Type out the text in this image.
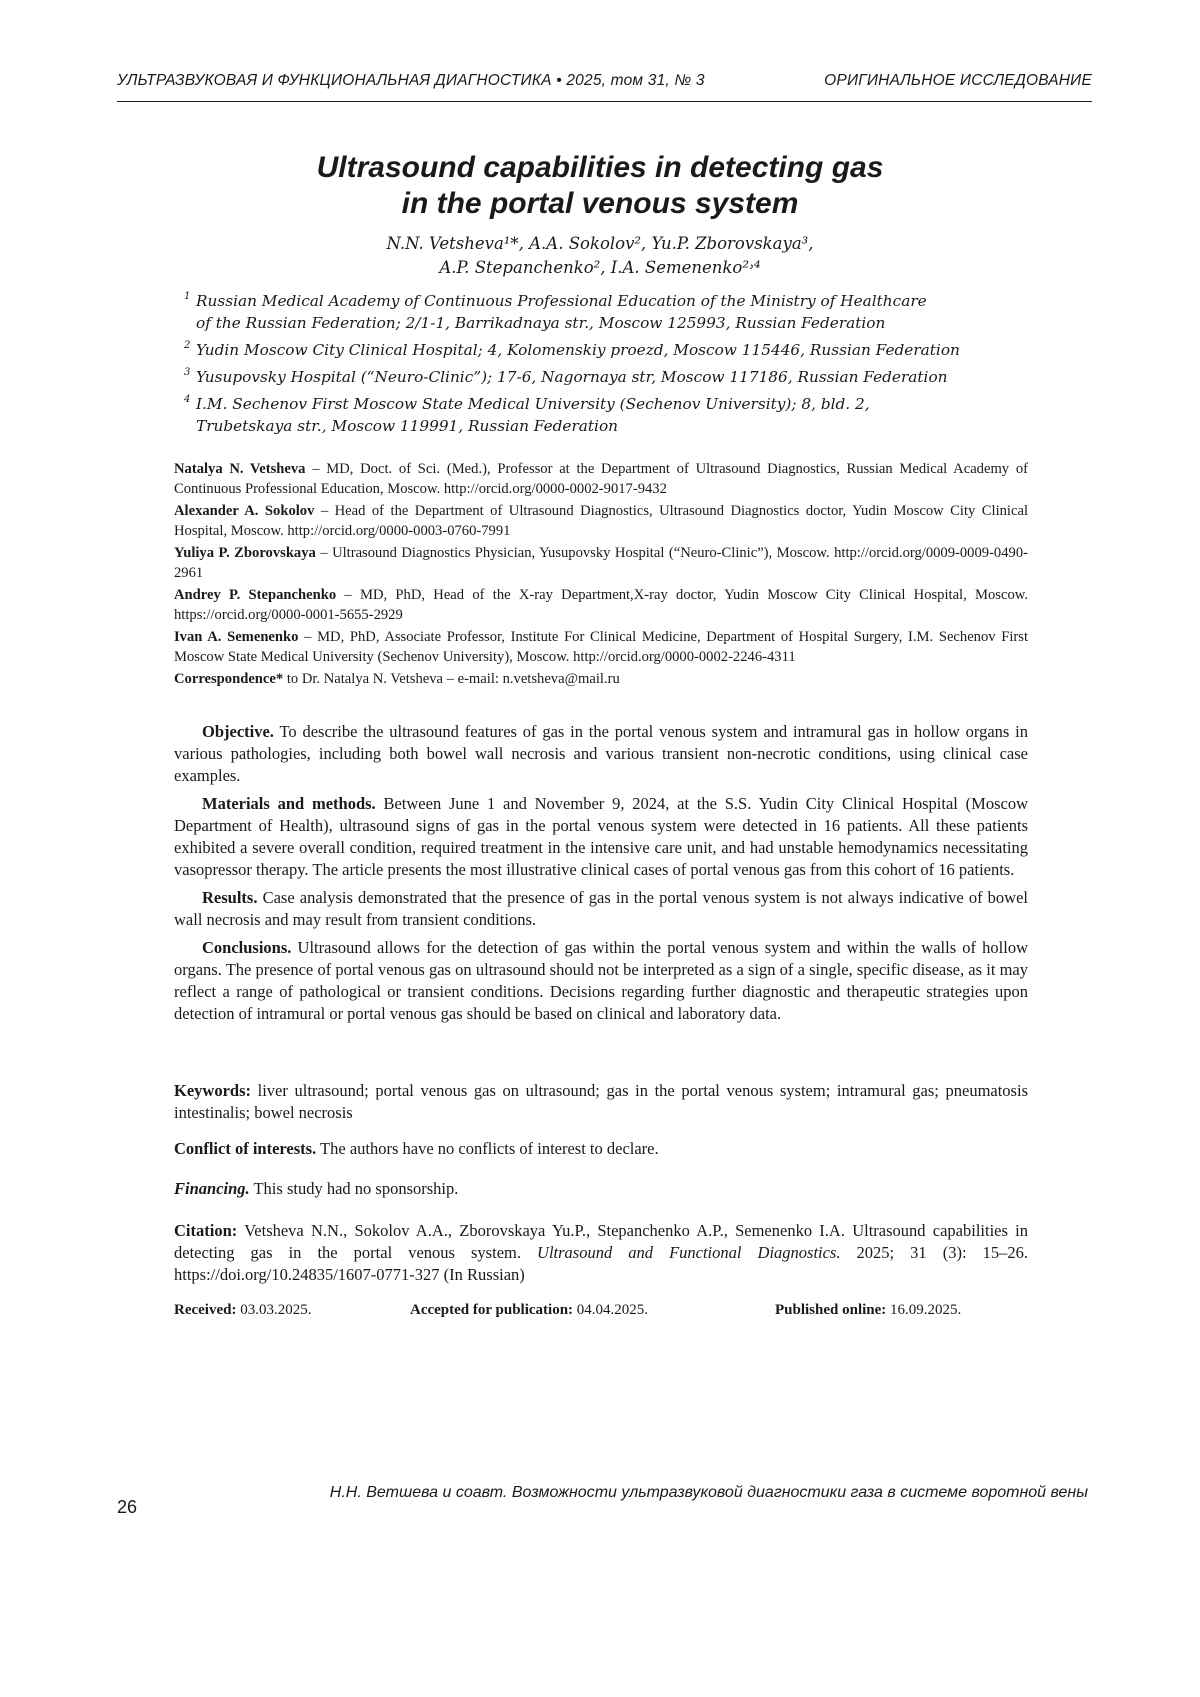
УЛЬТРАЗВУКОВАЯ И ФУНКЦИОНАЛЬНАЯ ДИАГНОСТИКА • 2025, том 31, № 3	ОРИГИНАЛЬНОЕ ИССЛЕДОВАНИЕ
Ultrasound capabilities in detecting gas
in the portal venous system
N.N. Vetsheva¹*, A.A. Sokolov², Yu.P. Zborovskaya³,
A.P. Stepanchenko², I.A. Semenenko²˒⁴
1 Russian Medical Academy of Continuous Professional Education of the Ministry of Healthcare
of the Russian Federation; 2/1-1, Barrikadnaya str., Moscow 125993, Russian Federation
2 Yudin Moscow City Clinical Hospital; 4, Kolomenskiy proezd, Moscow 115446, Russian Federation
3 Yusupovsky Hospital (“Neuro-Clinic”); 17-6, Nagornaya str, Moscow 117186, Russian Federation
4 I.M. Sechenov First Moscow State Medical University (Sechenov University); 8, bld. 2,
Trubetskaya str., Moscow 119991, Russian Federation
Natalya N. Vetsheva – MD, Doct. of Sci. (Med.), Professor at the Department of Ultrasound Diagnostics, Russian Medical Academy of Continuous Professional Education, Moscow. http://orcid.org/0000-0002-9017-9432
Alexander A. Sokolov – Head of the Department of Ultrasound Diagnostics, Ultrasound Diagnostics doctor, Yudin Moscow City Clinical Hospital, Moscow. http://orcid.org/0000-0003-0760-7991
Yuliya P. Zborovskaya – Ultrasound Diagnostics Physician, Yusupovsky Hospital (“Neuro-Clinic”), Moscow. http://orcid.org/0009-0009-0490-2961
Andrey P. Stepanchenko – MD, PhD, Head of the X-ray Department,X-ray doctor, Yudin Moscow City Clinical Hospital, Moscow. https://orcid.org/0000-0001-5655-2929
Ivan A. Semenenko – MD, PhD, Associate Professor, Institute For Clinical Medicine, Department of Hospital Surgery, I.M. Sechenov First Moscow State Medical University (Sechenov University), Moscow. http://orcid.org/0000-0002-2246-4311
Correspondence* to Dr. Natalya N. Vetsheva – e-mail: n.vetsheva@mail.ru

Objective. To describe the ultrasound features of gas in the portal venous system and intramural gas in hollow organs in various pathologies, including both bowel wall necrosis and various transient non-necrotic conditions, using clinical case examples.

Materials and methods. Between June 1 and November 9, 2024, at the S.S. Yudin City Clinical Hospital (Moscow Department of Health), ultrasound signs of gas in the portal venous system were detected in 16 patients. All these patients exhibited a severe overall condition, required treatment in the intensive care unit, and had unstable hemodynamics necessitating vasopressor therapy. The article presents the most illustrative clinical cases of portal venous gas from this cohort of 16 patients.

Results. Case analysis demonstrated that the presence of gas in the portal venous system is not always indicative of bowel wall necrosis and may result from transient conditions.

Conclusions. Ultrasound allows for the detection of gas within the portal venous system and within the walls of hollow organs. The presence of portal venous gas on ultrasound should not be interpreted as a sign of a single, specific disease, as it may reflect a range of pathological or transient conditions. Decisions regarding further diagnostic and therapeutic strategies upon detection of intramural or portal venous gas should be based on clinical and laboratory data.

Keywords: liver ultrasound; portal venous gas on ultrasound; gas in the portal venous system; intramural gas; pneumatosis intestinalis; bowel necrosis
Conflict of interests. The authors have no conflicts of interest to declare.
Financing. This study had no sponsorship.
Citation: Vetsheva N.N., Sokolov A.A., Zborovskaya Yu.P., Stepanchenko A.P., Semenenko I.A. Ultrasound capabilities in detecting gas in the portal venous system. Ultrasound and Functional Diagnostics. 2025; 31 (3): 15–26. https://doi.org/10.24835/1607-0771-327 (In Russian)
Received: 03.03.2025.	Accepted for publication: 04.04.2025.	Published online: 16.09.2025.
Н.Н. Ветшева и соавт. Возможности ультразвуковой диагностики газа в системе воротной вены
26
